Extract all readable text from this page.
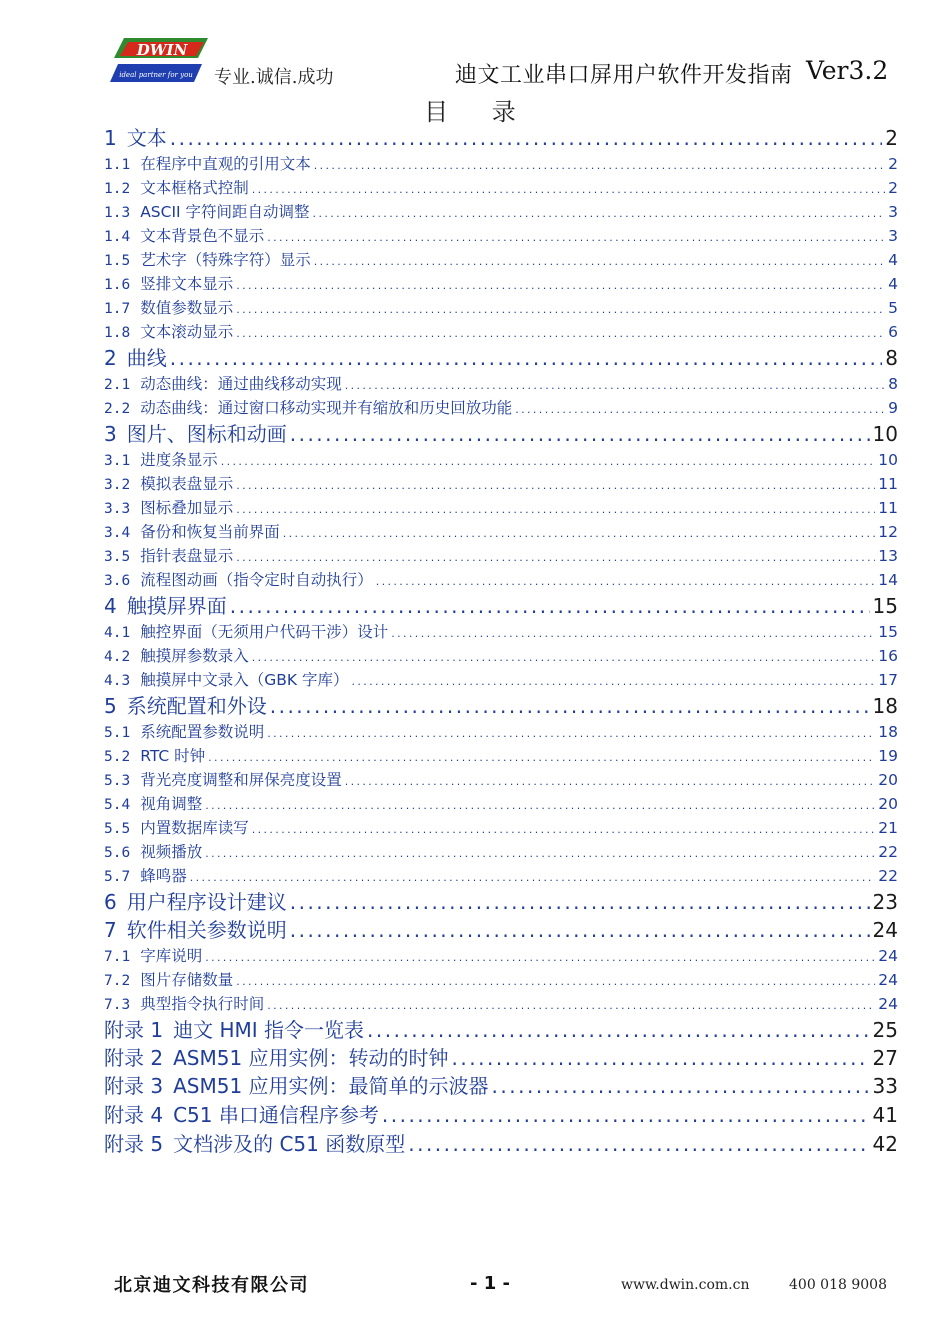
DWIN
ideal partner for you 专业.诚信.成功	迪文工业串口屏用户软件开发指南 Ver3.2
目 录
1 文本 .....	2
1.1 在程序中直观的引用文本 .....	2
1.2 文本框格式控制 .....	2
1.3 ASCII 字符间距自动调整 .....	3
1.4 文本背景色不显示 .....	3
1.5 艺术字（特殊字符）显示 .....	4
1.6 竖排文本显示 .....	4
1.7 数值参数显示 .....	5
1.8 文本滚动显示 .....	6
2 曲线 .....	8
2.1 动态曲线：通过曲线移动实现 .....	8
2.2 动态曲线：通过窗口移动实现并有缩放和历史回放功能 .....	9
3 图片、图标和动画 .....	10
3.1 进度条显示 .....	10
3.2 模拟表盘显示 .....	11
3.3 图标叠加显示 .....	11
3.4 备份和恢复当前界面 .....	12
3.5 指针表盘显示 .....	13
3.6 流程图动画（指令定时自动执行） .....	14
4 触摸屏界面 .....	15
4.1 触控界面（无须用户代码干涉）设计 .....	15
4.2 触摸屏参数录入 .....	16
4.3 触摸屏中文录入（GBK 字库） .....	17
5 系统配置和外设 .....	18
5.1 系统配置参数说明 .....	18
5.2 RTC 时钟 .....	19
5.3 背光亮度调整和屏保亮度设置 .....	20
5.4 视角调整 .....	20
5.5 内置数据库读写 .....	21
5.6 视频播放 .....	22
5.7 蜂鸣器 .....	22
6 用户程序设计建议 .....	23
7 软件相关参数说明 .....	24
7.1 字库说明 .....	24
7.2 图片存储数量 .....	24
7.3 典型指令执行时间 .....	24
附录 1 迪文 HMI 指令一览表 .....	25
附录 2 ASM51 应用实例：转动的时钟 .....	27
附录 3 ASM51 应用实例：最简单的示波器 .....	33
附录 4 C51 串口通信程序参考 .....	41
附录 5 文档涉及的 C51 函数原型 .....	42
北京迪文科技有限公司	- 1 -	www.dwin.com.cn	400 018 9008
